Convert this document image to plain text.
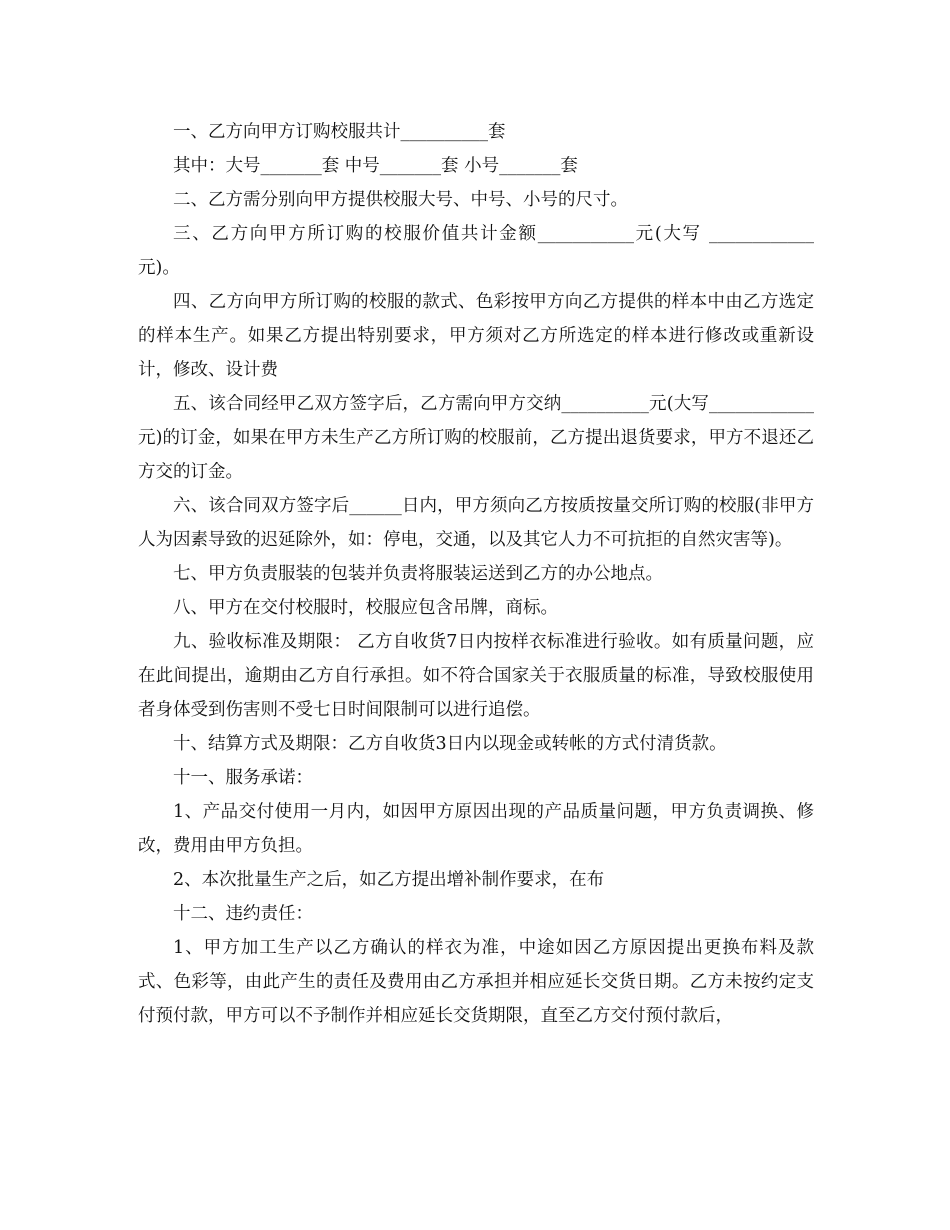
一、乙方向甲方订购校服共计__________套

其中：大号_______套 中号_______套 小号_______套

二、乙方需分别向甲方提供校服大号、中号、小号的尺寸。

三、乙方向甲方所订购的校服价值共计金额___________元(大写 ____________ 元)。

四、乙方向甲方所订购的校服的款式、色彩按甲方向乙方提供的样本中由乙方选定的样本生产。如果乙方提出特别要求，甲方须对乙方所选定的样本进行修改或重新设计，修改、设计费

五、该合同经甲乙双方签字后，乙方需向甲方交纳__________元(大写____________元)的订金，如果在甲方未生产乙方所订购的校服前，乙方提出退货要求，甲方不退还乙方交的订金。

六、该合同双方签字后______日内，甲方须向乙方按质按量交所订购的校服(非甲方人为因素导致的迟延除外，如：停电，交通，以及其它人力不可抗拒的自然灾害等)。

七、甲方负责服装的包装并负责将服装运送到乙方的办公地点。

八、甲方在交付校服时，校服应包含吊牌，商标。

九、验收标准及期限： 乙方自收货7日内按样衣标准进行验收。如有质量问题，应在此间提出，逾期由乙方自行承担。如不符合国家关于衣服质量的标准，导致校服使用者身体受到伤害则不受七日时间限制可以进行追偿。

十、结算方式及期限：乙方自收货3日内以现金或转帐的方式付清货款。

十一、服务承诺：

1、产品交付使用一月内，如因甲方原因出现的产品质量问题，甲方负责调换、修改，费用由甲方负担。

2、本次批量生产之后，如乙方提出增补制作要求，在布

十二、违约责任：

1、甲方加工生产以乙方确认的样衣为准，中途如因乙方原因提出更换布料及款式、色彩等，由此产生的责任及费用由乙方承担并相应延长交货日期。乙方未按约定支付预付款，甲方可以不予制作并相应延长交货期限，直至乙方交付预付款后，
